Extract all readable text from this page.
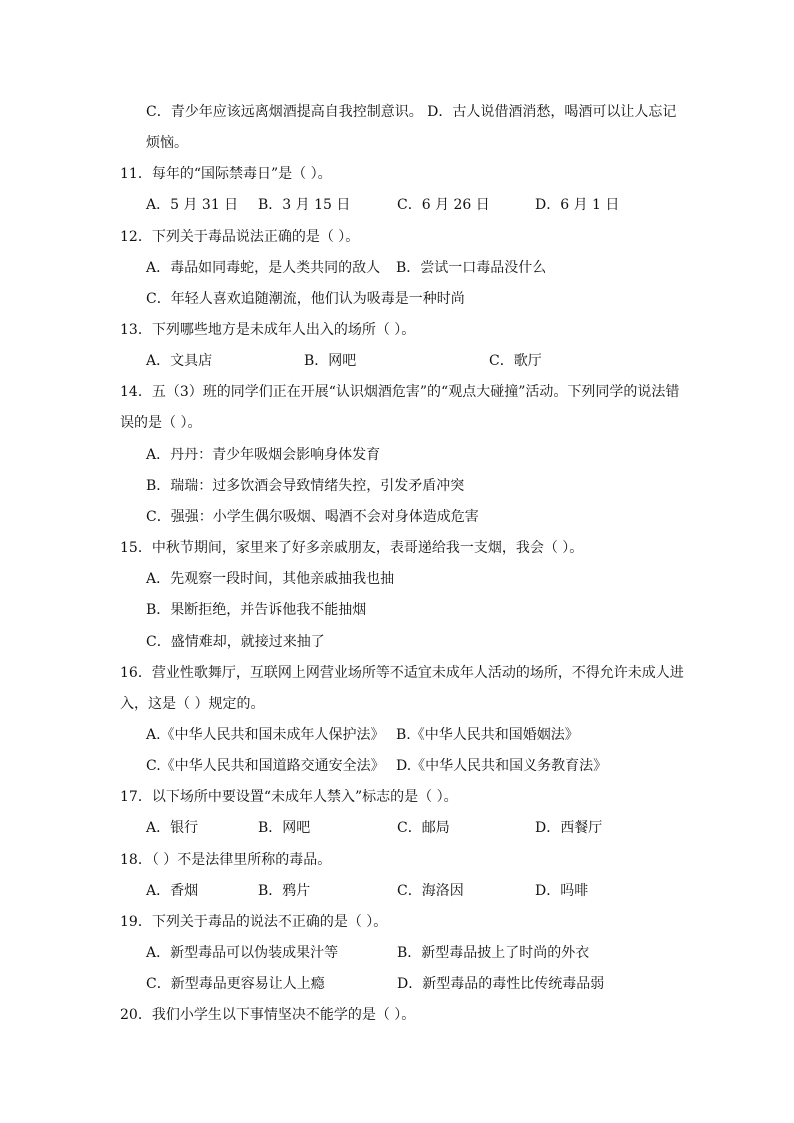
C．青少年应该远离烟酒提高自我控制意识。 D．古人说借酒消愁，喝酒可以让人忘记
烦恼。
11．每年的“国际禁毒日”是（ ）。
A．5 月 31 日 B．3 月 15 日	C．6 月 26 日	D．6 月 1 日
12．下列关于毒品说法正确的是（ ）。
A．毒品如同毒蛇，是人类共同的敌人 B．尝试一口毒品没什么
C．年轻人喜欢追随潮流，他们认为吸毒是一种时尚
13．下列哪些地方是未成年人出入的场所（ ）。
A．文具店	B．网吧	C．歌厅
14．五（3）班的同学们正在开展“认识烟酒危害”的“观点大碰撞”活动。下列同学的说法错
误的是（ ）。
A．丹丹：青少年吸烟会影响身体发育
B．瑞瑞：过多饮酒会导致情绪失控，引发矛盾冲突
C．强强：小学生偶尔吸烟、喝酒不会对身体造成危害
15．中秋节期间，家里来了好多亲戚朋友，表哥递给我一支烟，我会（ ）。
A．先观察一段时间，其他亲戚抽我也抽
B．果断拒绝，并告诉他我不能抽烟
C．盛情难却，就接过来抽了
16．营业性歌舞厅，互联网上网营业场所等不适宜未成年人活动的场所，不得允许未成人进
入，这是（ ）规定的。
A.《中华人民共和国未成年人保护法》 B.《中华人民共和国婚姻法》
C.《中华人民共和国道路交通安全法》 D.《中华人民共和国义务教育法》
17．以下场所中要设置“未成年人禁入”标志的是（ ）。
A．银行	B．网吧	C．邮局	D．西餐厅
18．（ ）不是法律里所称的毒品。
A．香烟	B．鸦片	C．海洛因	D．吗啡
19．下列关于毒品的说法不正确的是（ ）。
A．新型毒品可以伪装成果汁等	B．新型毒品披上了时尚的外衣
C．新型毒品更容易让人上瘾	D．新型毒品的毒性比传统毒品弱
20．我们小学生以下事情坚决不能学的是（ ）。
